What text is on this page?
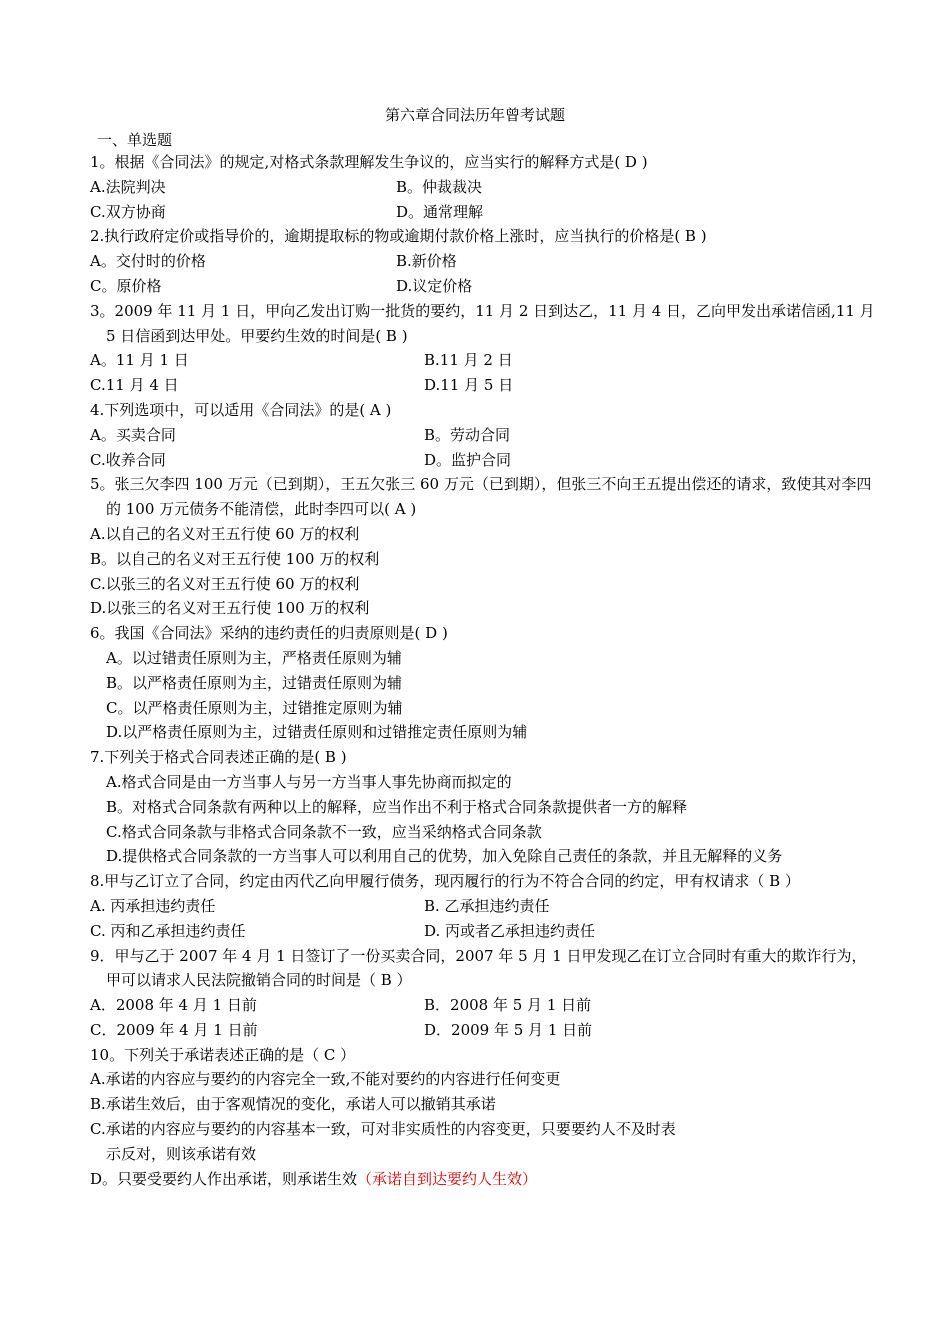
第六章合同法历年曾考试题
一、单选题
1。根据《合同法》的规定,对格式条款理解发生争议的，应当实行的解释方式是( D )
A.法院判决	B。仲裁裁决
C.双方协商	D。通常理解
2.执行政府定价或指导价的，逾期提取标的物或逾期付款价格上涨时，应当执行的价格是( B )
A。交付时的价格	B.新价格
C。原价格	D.议定价格
3。2009 年 11 月 1 日，甲向乙发出订购一批货的要约，11 月 2 日到达乙，11 月 4 日，乙向甲发出承诺信函,11 月 5 日信函到达甲处。甲要约生效的时间是( B )
A。11 月 1 日	B.11 月 2 日
C.11 月 4 日	D.11 月 5 日
4.下列选项中，可以适用《合同法》的是( A )
A。买卖合同	B。劳动合同
C.收养合同	D。监护合同
5。张三欠李四 100 万元（已到期），王五欠张三 60 万元（已到期），但张三不向王五提出偿还的请求，致使其对李四的 100 万元债务不能清偿，此时李四可以( A )
A.以自己的名义对王五行使 60 万的权利
B。以自己的名义对王五行使 100 万的权利
C.以张三的名义对王五行使 60 万的权利
D.以张三的名义对王五行使 100 万的权利
6。我国《合同法》采纳的违约责任的归责原则是( D )
A。以过错责任原则为主，严格责任原则为辅
B。以严格责任原则为主，过错责任原则为辅
C。以严格责任原则为主，过错推定原则为辅
D.以严格责任原则为主，过错责任原则和过错推定责任原则为辅
7.下列关于格式合同表述正确的是( B )
A.格式合同是由一方当事人与另一方当事人事先协商而拟定的
B。对格式合同条款有两种以上的解释，应当作出不利于格式合同条款提供者一方的解释
C.格式合同条款与非格式合同条款不一致，应当采纳格式合同条款
D.提供格式合同条款的一方当事人可以利用自己的优势，加入免除自己责任的条款，并且无解释的义务
8.甲与乙订立了合同，约定由丙代乙向甲履行债务，现丙履行的行为不符合合同的约定，甲有权请求（ B ）
A. 丙承担违约责任	B. 乙承担违约责任
C. 丙和乙承担违约责任	D. 丙或者乙承担违约责任
9．甲与乙于 2007 年 4 月 1 日签订了一份买卖合同，2007 年 5 月 1 日甲发现乙在订立合同时有重大的欺诈行为，甲可以请求人民法院撤销合同的时间是（ B ）
A．2008 年 4 月 1 日前	B．2008 年 5 月 1 日前
C．2009 年 4 月 1 日前	D．2009 年 5 月 1 日前
10。下列关于承诺表述正确的是（ C ）
A.承诺的内容应与要约的内容完全一致,不能对要约的内容进行任何变更
B.承诺生效后，由于客观情况的变化，承诺人可以撤销其承诺
C.承诺的内容应与要约的内容基本一致，可对非实质性的内容变更，只要要约人不及时表
示反对，则该承诺有效
D。只要受要约人作出承诺，则承诺生效（承诺自到达要约人生效）
